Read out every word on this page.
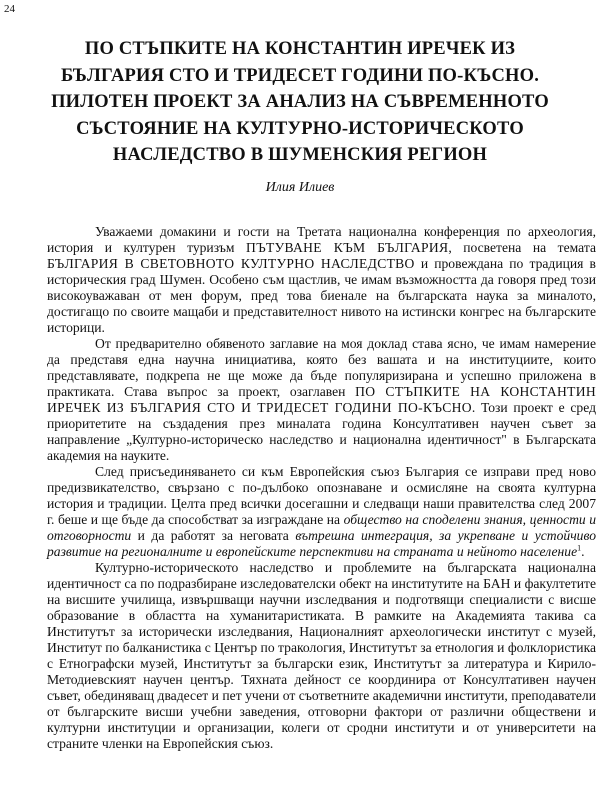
24
ПО СТЪПКИТЕ НА КОНСТАНТИН ИРЕЧЕК ИЗ
БЪЛГАРИЯ СТО И ТРИДЕСЕТ ГОДИНИ ПО-КЪСНО.
ПИЛОТЕН ПРОЕКТ ЗА АНАЛИЗ НА СЪВРЕМЕННОТО
СЪСТОЯНИЕ НА КУЛТУРНО-ИСТОРИЧЕСКОТО
НАСЛЕДСТВО В ШУМЕНСКИЯ РЕГИОН
Илия Илиев

Уважаеми домакини и гости на Третата национална конференция по археология, история и културен туризъм ПЪТУВАНЕ КЪМ БЪЛГАРИЯ, посветена на темата БЪЛГАРИЯ В СВЕТОВНОТО КУЛТУРНО НАСЛЕДСТВО и провеждана по традиция в историческия град Шумен. Особено съм щастлив, че имам възможността да говоря пред този високоуважаван от мен форум, пред това биенале на българската наука за миналото, достигащо по своите мащаби и представителност нивото на истински конгрес на българските историци.

От предварително обявеното заглавие на моя доклад става ясно, че имам намерение да представя една научна инициатива, която без вашата и на институциите, които представлявате, подкрепа не ще може да бъде популяризирана и успешно приложена в практиката. Става въпрос за проект, озаглавен ПО СТЪПКИТЕ НА КОНСТАНТИН ИРЕЧЕК ИЗ БЪЛГАРИЯ СТО И ТРИДЕСЕТ ГОДИНИ ПО-КЪСНО. Този проект е сред приоритетите на създадения през миналата година Консултативен научен съвет за направление „Културно-историческо наследство и национална идентичност" в Българската академия на науките.

След присъединяването си към Европейския съюз България се изправи пред ново предизвикателство, свързано с по-дълбоко опознаване и осмисляне на своята културна история и традиции. Целта пред всички досегашни и следващи наши правителства след 2007 г. беше и ще бъде да способстват за изграждане на общество на споделени знания, ценности и отговорности и да работят за неговата вътрешна интеграция, за укрепване и устойчиво развитие на регионалните и европейските перспективи на страната и нейното население$^1$.

Културно-историческото наследство и проблемите на българската национална идентичност са по подразбиране изследователски обект на институтите на БАН и факултетите на висшите училища, извършващи научни изследвания и подготвящи специалисти с висше образование в областта на хуманитаристиката. В рамките на Академията такива са Институтът за исторически изследвания, Националният археологически институт с музей, Институт по балканистика с Център по тракология, Институтът за етнология и фолклористика с Етнографски музей, Институтът за български език, Институтът за литература и Кирило-Методиевският научен център. Тяхната дейност се координира от Консултативен научен съвет, обединяващ двадесет и пет учени от съответните академични институти, преподаватели от българските висши учебни заведения, отговорни фактори от различни обществени и културни институции и организации, колеги от сродни институти и от университети на страните членки на Европейския съюз.
